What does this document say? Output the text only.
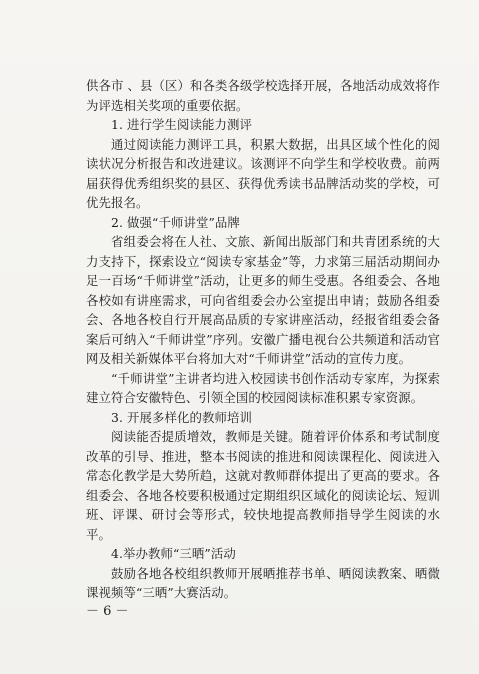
供各市 、县（区）和各类各级学校选择开展，各地活动成效将作为评选相关奖项的重要依据。

1. 进行学生阅读能力测评

通过阅读能力测评工具，积累大数据，出具区域个性化的阅读状况分析报告和改进建议。该测评不向学生和学校收费。前两届获得优秀组织奖的县区、获得优秀读书品牌活动奖的学校，可优先报名。

2. 做强“千师讲堂”品牌

省组委会将在人社、文旅、新闻出版部门和共青团系统的大力支持下，探索设立“阅读专家基金”等，力求第三届活动期间办足一百场“千师讲堂”活动，让更多的师生受惠。各组委会、各地各校如有讲座需求，可向省组委会办公室提出申请；鼓励各组委会、各地各校自行开展高品质的专家讲座活动，经报省组委会备案后可纳入“千师讲堂”序列。安徽广播电视台公共频道和活动官网及相关新媒体平台将加大对“千师讲堂”活动的宣传力度。

“千师讲堂”主讲者均进入校园读书创作活动专家库，为探索建立符合安徽特色、引领全国的校园阅读标准积累专家资源。

3. 开展多样化的教师培训

阅读能否提质增效，教师是关键。随着评价体系和考试制度改革的引导、推进，整本书阅读的推进和阅读课程化、阅读进入常态化教学是大势所趋，这就对教师群体提出了更高的要求。各组委会、各地各校要积极通过定期组织区域化的阅读论坛、短训班、评课、研讨会等形式，较快地提高教师指导学生阅读的水平。

4.举办教师“三晒”活动

鼓励各地各校组织教师开展晒推荐书单、晒阅读教案、晒微课视频等“三晒”大赛活动。

－ 6 －
